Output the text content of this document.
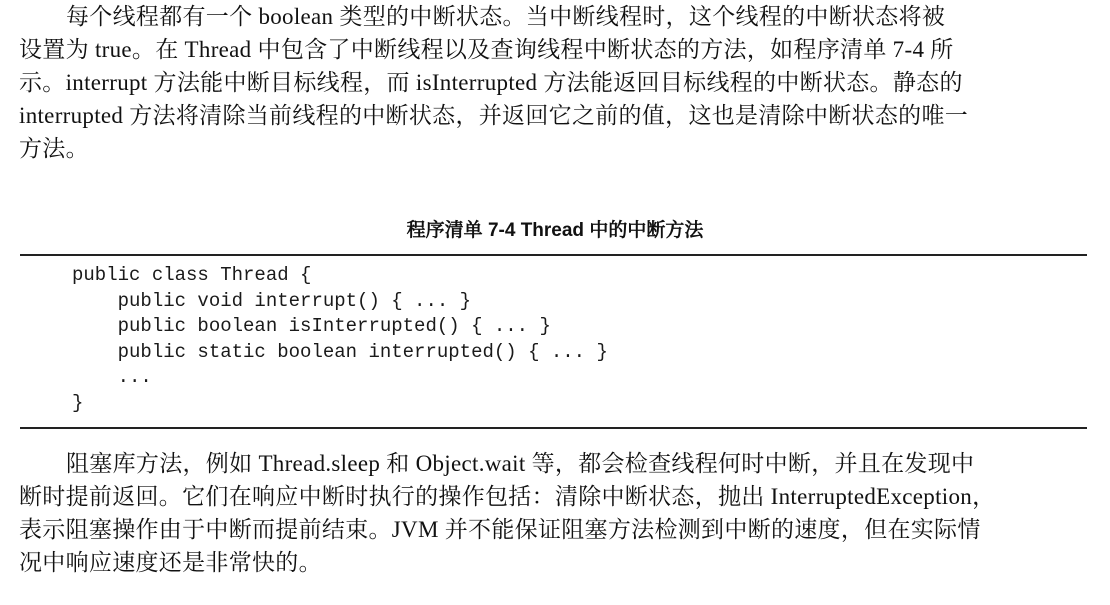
每个线程都有一个 boolean 类型的中断状态。当中断线程时，这个线程的中断状态将被
设置为 true。在 Thread 中包含了中断线程以及查询线程中断状态的方法，如程序清单 7-4 所
示。interrupt 方法能中断目标线程，而 isInterrupted 方法能返回目标线程的中断状态。静态的
interrupted 方法将清除当前线程的中断状态，并返回它之前的值，这也是清除中断状态的唯一
方法。

程序清单 7-4 Thread 中的中断方法

public class Thread {
public void interrupt() { ... }
public boolean isInterrupted() { ... }
public static boolean interrupted() { ... }
...
}

阻塞库方法，例如 Thread.sleep 和 Object.wait 等，都会检查线程何时中断，并且在发现中
断时提前返回。它们在响应中断时执行的操作包括：清除中断状态，抛出 InterruptedException，
表示阻塞操作由于中断而提前结束。JVM 并不能保证阻塞方法检测到中断的速度，但在实际情
况中响应速度还是非常快的。
